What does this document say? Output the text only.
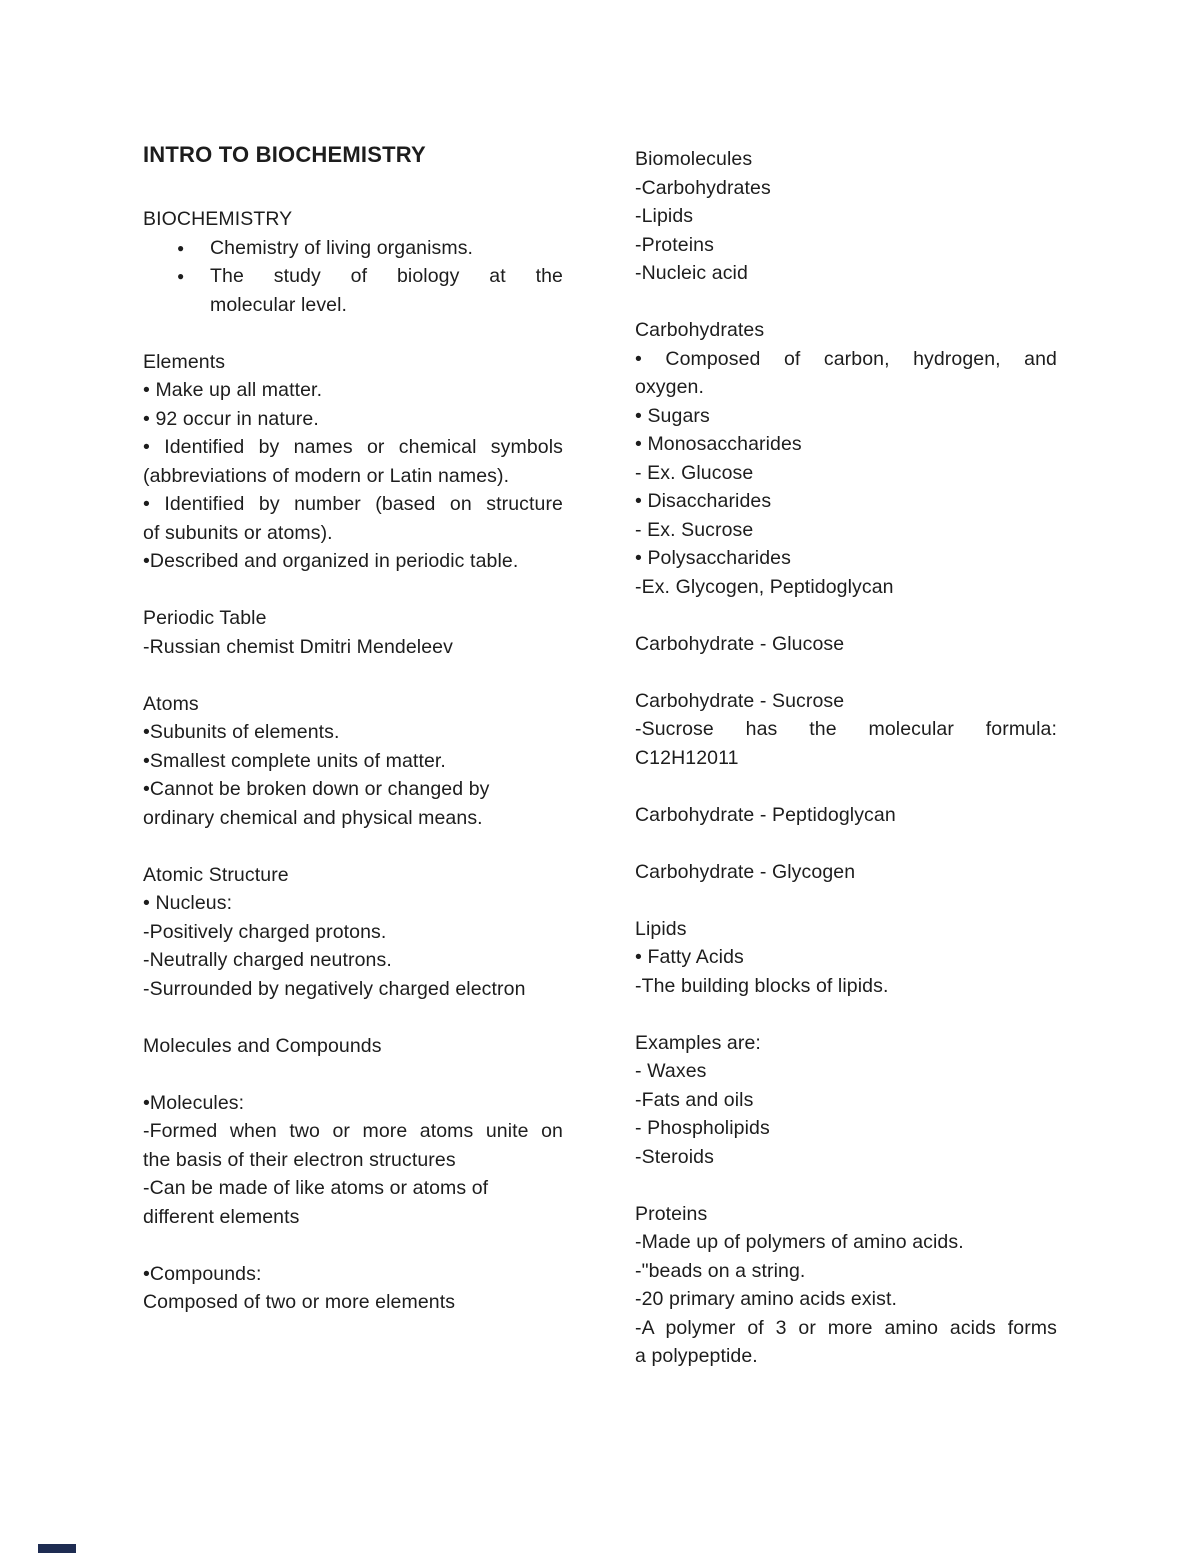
INTRO TO BIOCHEMISTRY
BIOCHEMISTRY
● Chemistry of living organisms.
● The study of biology at the
molecular level.
Elements
• Make up all matter.
• 92 occur in nature.
• Identified by names or chemical symbols
(abbreviations of modern or Latin names).
• Identified by number (based on structure
of subunits or atoms).
•Described and organized in periodic table.
Periodic Table
-Russian chemist Dmitri Mendeleev
Atoms
•Subunits of elements.
•Smallest complete units of matter.
•Cannot be broken down or changed by
ordinary chemical and physical means.
Atomic Structure
• Nucleus:
-Positively charged protons.
-Neutrally charged neutrons.
-Surrounded by negatively charged electron
Molecules and Compounds
•Molecules:
-Formed when two or more atoms unite on
the basis of their electron structures
-Can be made of like atoms or atoms of
different elements
•Compounds:
Composed of two or more elements
Biomolecules
-Carbohydrates
-Lipids
-Proteins
-Nucleic acid
Carbohydrates
• Composed of carbon, hydrogen, and
oxygen.
• Sugars
• Monosaccharides
- Ex. Glucose
• Disaccharides
- Ex. Sucrose
• Polysaccharides
-Ex. Glycogen, Peptidoglycan
Carbohydrate - Glucose
Carbohydrate - Sucrose
-Sucrose has the molecular formula:
C12H12011
Carbohydrate - Peptidoglycan
Carbohydrate - Glycogen
Lipids
• Fatty Acids
-The building blocks of lipids.
Examples are:
- Waxes
-Fats and oils
- Phospholipids
-Steroids
Proteins
-Made up of polymers of amino acids.
-"beads on a string.
-20 primary amino acids exist.
-A polymer of 3 or more amino acids forms
a polypeptide.
